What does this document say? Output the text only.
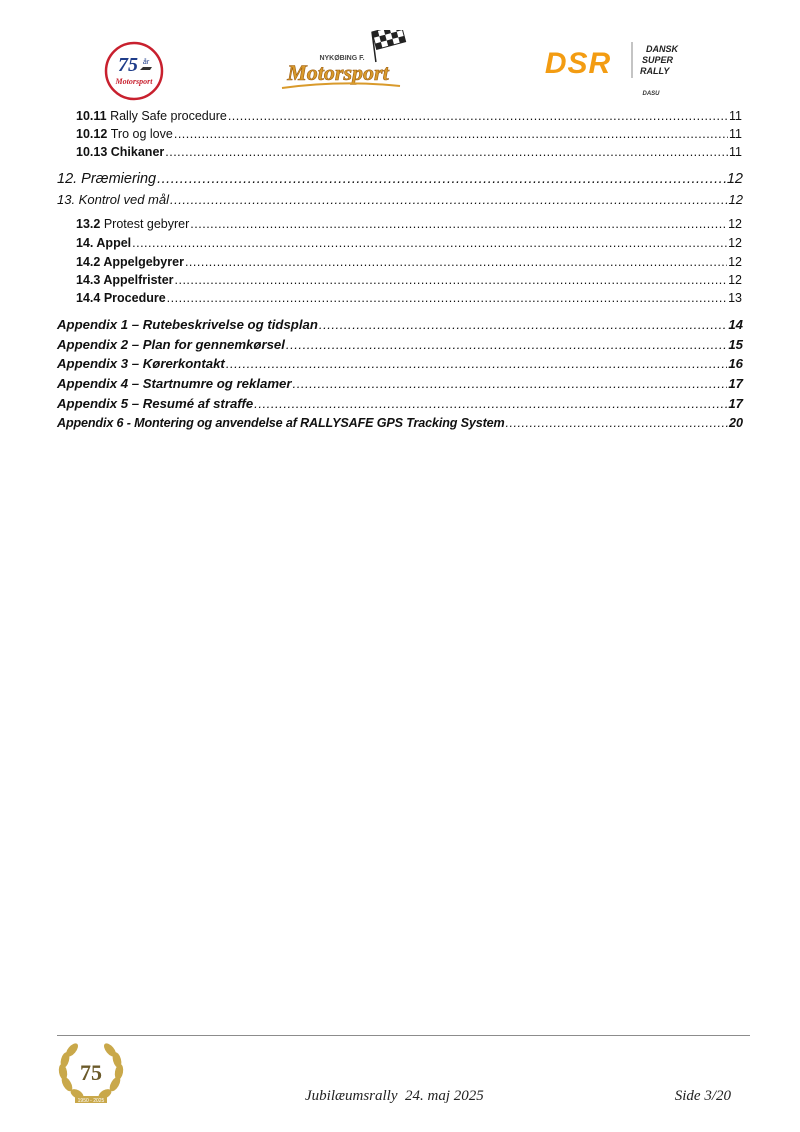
75 år
Motorsport
NYKØBING F.
Motorsport	DSR	DANSK
SUPER
RALLY
DASU
10.11 Rally Safe procedure .....	11
10.12 Tro og love .....	11
10.13 Chikaner .....	11
12. Præmiering .....	12
13. Kontrol ved mål .....	12
13.2 Protest gebyrer .....	12
14. Appel .....	12
14.2 Appelgebyrer .....	12
14.3 Appelfrister .....	12
14.4 Procedure .....	13
Appendix 1 – Rutebeskrivelse og tidsplan .....	14
Appendix 2 – Plan for gennemkørsel .....	15
Appendix 3 – Kørerkontakt .....	16
Appendix 4 – Startnumre og reklamer .....	17
Appendix 5 – Resumé af straffe .....	17
Appendix 6 - Montering og anvendelse af RALLYSAFE GPS Tracking System .....	20
75
1950 - 2025	Jubilæumsrally  24. maj 2025	Side 3/20
